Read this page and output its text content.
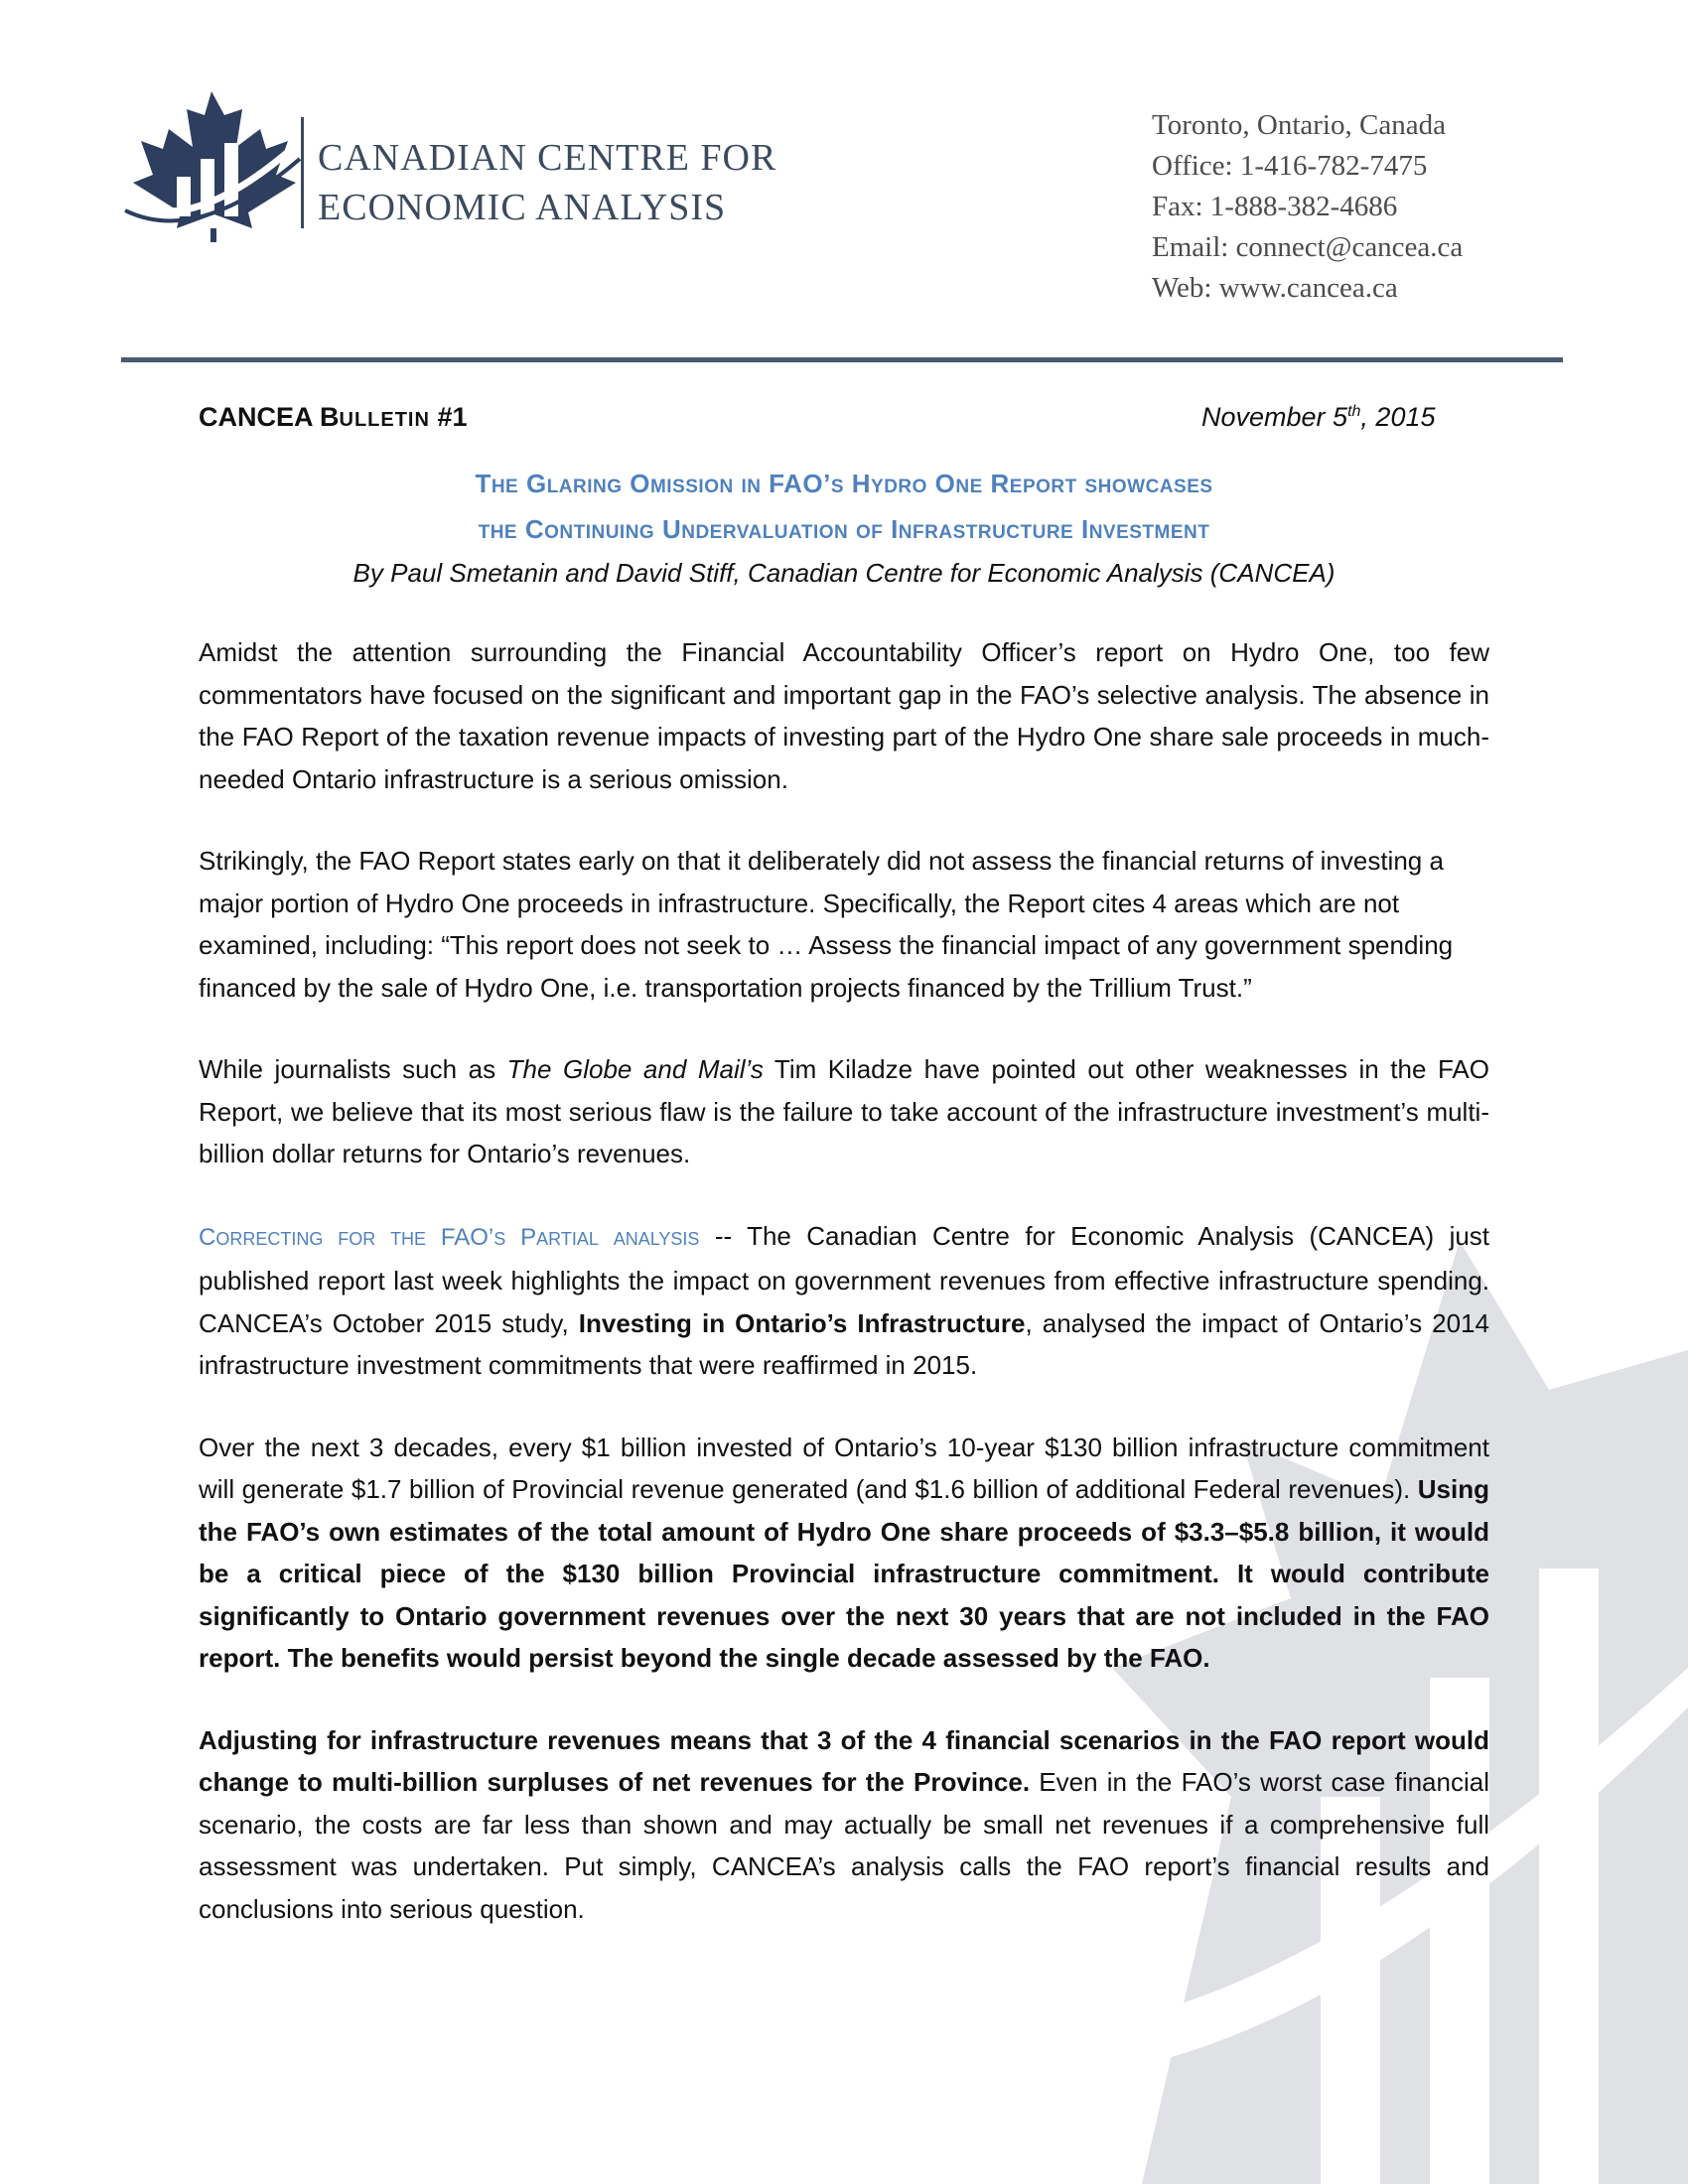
CANADIAN CENTRE FOR
ECONOMIC ANALYSIS
Toronto, Ontario, Canada
Office: 1-416-782-7475
Fax: 1-888-382-4686
Email: connect@cancea.ca
Web: www.cancea.ca
CANCEA BULLETIN #1	November 5th, 2015
THE GLARING OMISSION IN FAO’S HYDRO ONE REPORT SHOWCASES
THE CONTINUING UNDERVALUATION OF INFRASTRUCTURE INVESTMENT
By Paul Smetanin and David Stiff, Canadian Centre for Economic Analysis (CANCEA)

Amidst the attention surrounding the Financial Accountability Officer’s report on Hydro One, too few commentators have focused on the significant and important gap in the FAO’s selective analysis. The absence in the FAO Report of the taxation revenue impacts of investing part of the Hydro One share sale proceeds in much-needed Ontario infrastructure is a serious omission.

Strikingly, the FAO Report states early on that it deliberately did not assess the financial returns of investing a major portion of Hydro One proceeds in infrastructure. Specifically, the Report cites 4 areas which are not examined, including: “This report does not seek to … Assess the financial impact of any government spending financed by the sale of Hydro One, i.e. transportation projects financed by the Trillium Trust.”

While journalists such as The Globe and Mail’s Tim Kiladze have pointed out other weaknesses in the FAO Report, we believe that its most serious flaw is the failure to take account of the infrastructure investment’s multi-billion dollar returns for Ontario’s revenues.

CORRECTING FOR THE FAO’S PARTIAL ANALYSIS -- The Canadian Centre for Economic Analysis (CANCEA) just published report last week highlights the impact on government revenues from effective infrastructure spending. CANCEA’s October 2015 study, Investing in Ontario’s Infrastructure, analysed the impact of Ontario’s 2014 infrastructure investment commitments that were reaffirmed in 2015.

Over the next 3 decades, every $1 billion invested of Ontario’s 10-year $130 billion infrastructure commitment will generate $1.7 billion of Provincial revenue generated (and $1.6 billion of additional Federal revenues). Using the FAO’s own estimates of the total amount of Hydro One share proceeds of $3.3–$5.8 billion, it would be a critical piece of the $130 billion Provincial infrastructure commitment. It would contribute significantly to Ontario government revenues over the next 30 years that are not included in the FAO report. The benefits would persist beyond the single decade assessed by the FAO.

Adjusting for infrastructure revenues means that 3 of the 4 financial scenarios in the FAO report would change to multi-billion surpluses of net revenues for the Province. Even in the FAO’s worst case financial scenario, the costs are far less than shown and may actually be small net revenues if a comprehensive full assessment was undertaken. Put simply, CANCEA’s analysis calls the FAO report’s financial results and conclusions into serious question.
